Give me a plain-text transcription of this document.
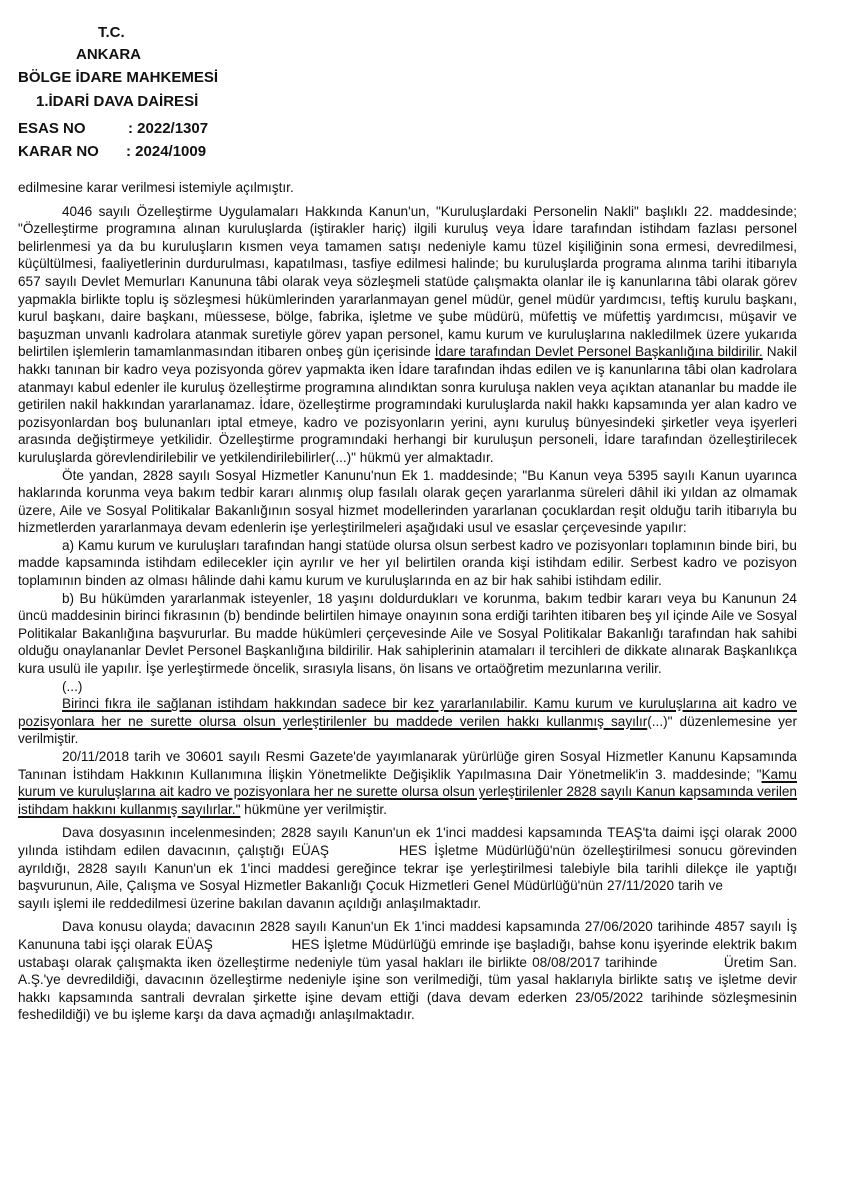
T.C.
ANKARA
BÖLGE İDARE MAHKEMESİ
1.İDARİ DAVA DAİRESİ
ESAS NO	: 2022/1307
KARAR NO : 2024/1009

edilmesine karar verilmesi istemiyle açılmıştır.

4046 sayılı Özelleştirme Uygulamaları Hakkında Kanun'un, "Kuruluşlardaki Personelin Nakli" başlıklı 22. maddesinde; "Özelleştirme programına alınan kuruluşlarda (iştirakler hariç) ilgili kuruluş veya İdare tarafından istihdam fazlası personel belirlenmesi ya da bu kuruluşların kısmen veya tamamen satışı nedeniyle kamu tüzel kişiliğinin sona ermesi, devredilmesi, küçültülmesi, faaliyetlerinin durdurulması, kapatılması, tasfiye edilmesi halinde; bu kuruluşlarda programa alınma tarihi itibarıyla 657 sayılı Devlet Memurları Kanununa tâbi olarak veya sözleşmeli statüde çalışmakta olanlar ile iş kanunlarına tâbi olarak görev yapmakla birlikte toplu iş sözleşmesi hükümlerinden yararlanmayan genel müdür, genel müdür yardımcısı, teftiş kurulu başkanı, kurul başkanı, daire başkanı, müessese, bölge, fabrika, işletme ve şube müdürü, müfettiş ve müfettiş yardımcısı, müşavir ve başuzman unvanlı kadrolara atanmak suretiyle görev yapan personel, kamu kurum ve kuruluşlarına nakledilmek üzere yukarıda belirtilen işlemlerin tamamlanmasından itibaren onbeş gün içerisinde İdare tarafından Devlet Personel Başkanlığına bildirilir. Nakil hakkı tanınan bir kadro veya pozisyonda görev yapmakta iken İdare tarafından ihdas edilen ve iş kanunlarına tâbi olan kadrolara atanmayı kabul edenler ile kuruluş özelleştirme programına alındıktan sonra kuruluşa naklen veya açıktan atananlar bu madde ile getirilen nakil hakkından yararlanamaz. İdare, özelleştirme programındaki kuruluşlarda nakil hakkı kapsamında yer alan kadro ve pozisyonlardan boş bulunanları iptal etmeye, kadro ve pozisyonların yerini, aynı kuruluş bünyesindeki şirketler veya işyerleri arasında değiştirmeye yetkilidir. Özelleştirme programındaki herhangi bir kuruluşun personeli, İdare tarafından özelleştirilecek kuruluşlarda görevlendirilebilir ve yetkilendirilebilirler(...)" hükmü yer almaktadır.

Öte yandan, 2828 sayılı Sosyal Hizmetler Kanunu'nun Ek 1. maddesinde; "Bu Kanun veya 5395 sayılı Kanun uyarınca haklarında korunma veya bakım tedbir kararı alınmış olup fasılalı olarak geçen yararlanma süreleri dâhil iki yıldan az olmamak üzere, Aile ve Sosyal Politikalar Bakanlığının sosyal hizmet modellerinden yararlanan çocuklardan reşit olduğu tarih itibarıyla bu hizmetlerden yararlanmaya devam edenlerin işe yerleştirilmeleri aşağıdaki usul ve esaslar çerçevesinde yapılır:

a) Kamu kurum ve kuruluşları tarafından hangi statüde olursa olsun serbest kadro ve pozisyonları toplamının binde biri, bu madde kapsamında istihdam edilecekler için ayrılır ve her yıl belirtilen oranda kişi istihdam edilir. Serbest kadro ve pozisyon toplamının binden az olması hâlinde dahi kamu kurum ve kuruluşlarında en az bir hak sahibi istihdam edilir.

b) Bu hükümden yararlanmak isteyenler, 18 yaşını doldurdukları ve korunma, bakım tedbir kararı veya bu Kanunun 24 üncü maddesinin birinci fıkrasının (b) bendinde belirtilen himaye onayının sona erdiği tarihten itibaren beş yıl içinde Aile ve Sosyal Politikalar Bakanlığına başvururlar. Bu madde hükümleri çerçevesinde Aile ve Sosyal Politikalar Bakanlığı tarafından hak sahibi olduğu onaylananlar Devlet Personel Başkanlığına bildirilir. Hak sahiplerinin atamaları il tercihleri de dikkate alınarak Başkanlıkça kura usulü ile yapılır. İşe yerleştirmede öncelik, sırasıyla lisans, ön lisans ve ortaöğretim mezunlarına verilir.

(...)

Birinci fıkra ile sağlanan istihdam hakkından sadece bir kez yararlanılabilir. Kamu kurum ve kuruluşlarına ait kadro ve pozisyonlara her ne surette olursa olsun yerleştirilenler bu maddede verilen hakkı kullanmış sayılır(...)" düzenlemesine yer verilmiştir.

20/11/2018 tarih ve 30601 sayılı Resmi Gazete'de yayımlanarak yürürlüğe giren Sosyal Hizmetler Kanunu Kapsamında Tanınan İstihdam Hakkının Kullanımına İlişkin Yönetmelikte Değişiklik Yapılmasına Dair Yönetmelik'in 3. maddesinde; "Kamu kurum ve kuruluşlarına ait kadro ve pozisyonlara her ne surette olursa olsun yerleştirilenler 2828 sayılı Kanun kapsamında verilen istihdam hakkını kullanmış sayılırlar." hükmüne yer verilmiştir.

Dava dosyasının incelenmesinden; 2828 sayılı Kanun'un ek 1'inci maddesi kapsamında TEAŞ'ta daimi işçi olarak 2000 yılında istihdam edilen davacının, çalıştığı EÜAŞ	HES İşletme Müdürlüğü'nün özelleştirilmesi sonucu görevinden ayrıldığı, 2828 sayılı Kanun'un ek 1'inci maddesi gereğince tekrar işe yerleştirilmesi talebiyle bila tarihli dilekçe ile yaptığı başvurunun, Aile, Çalışma ve Sosyal Hizmetler Bakanlığı Çocuk Hizmetleri Genel Müdürlüğü'nün 27/11/2020 tarih ve  sayılı işlemi ile reddedilmesi üzerine bakılan davanın açıldığı anlaşılmaktadır.

Dava konusu olayda; davacının 2828 sayılı Kanun'un Ek 1'inci maddesi kapsamında 27/06/2020 tarihinde 4857 sayılı İş Kanununa tabi işçi olarak EÜAŞ	HES İşletme Müdürlüğü emrinde işe başladığı, bahse konu işyerinde elektrik bakım ustabaşı olarak çalışmakta iken özelleştirme nedeniyle tüm yasal hakları ile birlikte 08/08/2017 tarihinde	Üretim San. A.Ş.'ye devredildiği, davacının özelleştirme nedeniyle işine son verilmediği, tüm yasal haklarıyla birlikte satış ve işletme devir hakkı kapsamında santrali devralan şirkette işine devam ettiği (dava devam ederken 23/05/2022 tarihinde sözleşmesinin feshedildiği) ve bu işleme karşı da dava açmadığı anlaşılmaktadır.
